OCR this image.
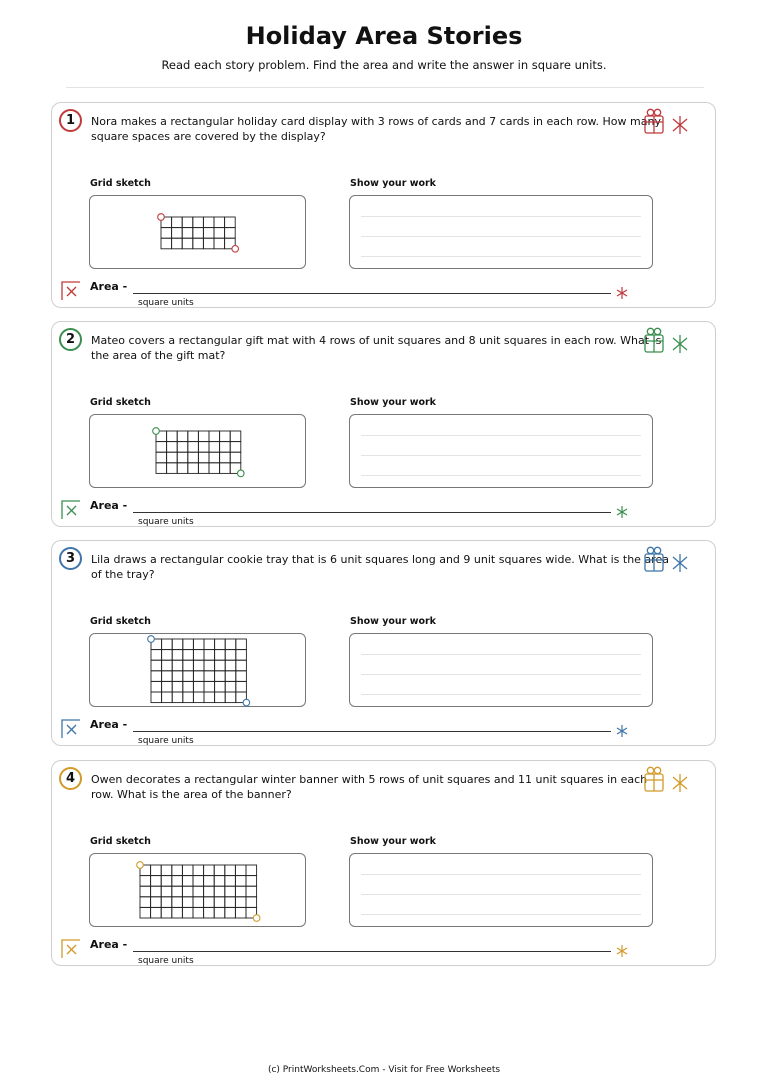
Holiday Area Stories
Read each story problem. Find the area and write the answer in square units.
1	Nora makes a rectangular holiday card display with 3 rows of cards and 7 cards in each row. How many square spaces are covered by the display?
Grid sketch	Show your work
Area -
square units
2	Mateo covers a rectangular gift mat with 4 rows of unit squares and 8 unit squares in each row. What is the area of the gift mat?
Grid sketch	Show your work
Area -
square units
3	Lila draws a rectangular cookie tray that is 6 unit squares long and 9 unit squares wide. What is the area of the tray?
Grid sketch	Show your work
Area -
square units
4	Owen decorates a rectangular winter banner with 5 rows of unit squares and 11 unit squares in each row. What is the area of the banner?
Grid sketch	Show your work
Area -
square units
(c) PrintWorksheets.Com - Visit for Free Worksheets
